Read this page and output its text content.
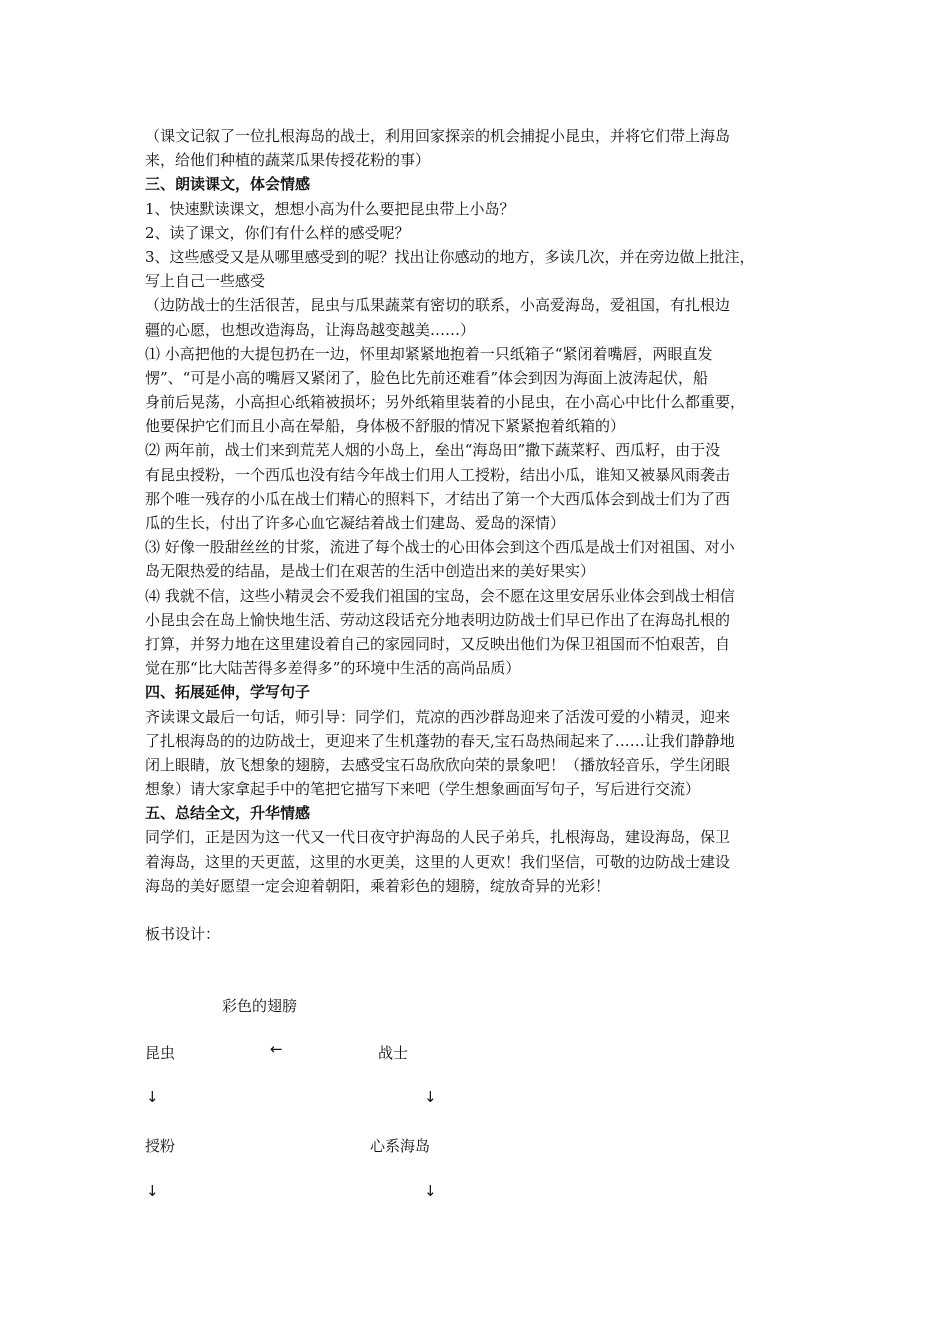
（课文记叙了一位扎根海岛的战士，利用回家探亲的机会捕捉小昆虫，并将它们带上海岛
来，给他们种植的蔬菜瓜果传授花粉的事）
三、朗读课文，体会情感
1、快速默读课文，想想小高为什么要把昆虫带上小岛？
2、读了课文，你们有什么样的感受呢？
3、这些感受又是从哪里感受到的呢？找出让你感动的地方，多读几次，并在旁边做上批注，
写上自己一些感受
（边防战士的生活很苦，昆虫与瓜果蔬菜有密切的联系，小高爱海岛，爱祖国，有扎根边
疆的心愿，也想改造海岛，让海岛越变越美……）
⑴ 小高把他的大提包扔在一边，怀里却紧紧地抱着一只纸箱子“紧闭着嘴唇，两眼直发
愣”、“可是小高的嘴唇又紧闭了，脸色比先前还难看”体会到因为海面上波涛起伏，船
身前后晃荡，小高担心纸箱被损坏；另外纸箱里装着的小昆虫，在小高心中比什么都重要，
他要保护它们而且小高在晕船，身体极不舒服的情况下紧紧抱着纸箱的）
⑵ 两年前，战士们来到荒芜人烟的小岛上，垒出“海岛田”撒下蔬菜籽、西瓜籽，由于没
有昆虫授粉，一个西瓜也没有结今年战士们用人工授粉，结出小瓜，谁知又被暴风雨袭击
那个唯一残存的小瓜在战士们精心的照料下，才结出了第一个大西瓜体会到战士们为了西
瓜的生长，付出了许多心血它凝结着战士们建岛、爱岛的深情）
⑶ 好像一股甜丝丝的甘浆，流进了每个战士的心田体会到这个西瓜是战士们对祖国、对小
岛无限热爱的结晶，是战士们在艰苦的生活中创造出来的美好果实）
⑷ 我就不信，这些小精灵会不爱我们祖国的宝岛，会不愿在这里安居乐业体会到战士相信
小昆虫会在岛上愉快地生活、劳动这段话充分地表明边防战士们早已作出了在海岛扎根的
打算，并努力地在这里建设着自己的家园同时，又反映出他们为保卫祖国而不怕艰苦，自
觉在那“比大陆苦得多差得多”的环境中生活的高尚品质）
四、拓展延伸，学写句子
齐读课文最后一句话，师引导：同学们，荒凉的西沙群岛迎来了活泼可爱的小精灵，迎来
了扎根海岛的的边防战士，更迎来了生机蓬勃的春天,宝石岛热闹起来了……让我们静静地
闭上眼睛，放飞想象的翅膀，去感受宝石岛欣欣向荣的景象吧！（播放轻音乐，学生闭眼
想象）请大家拿起手中的笔把它描写下来吧（学生想象画面写句子，写后进行交流）
五、总结全文，升华情感
同学们，正是因为这一代又一代日夜守护海岛的人民子弟兵，扎根海岛，建设海岛，保卫
着海岛，这里的天更蓝，这里的水更美，这里的人更欢！我们坚信，可敬的边防战士建设
海岛的美好愿望一定会迎着朝阳，乘着彩色的翅膀，绽放奇异的光彩！
板书设计：
彩色的翅膀
昆虫	←	战士
↓	↓
授粉	心系海岛
↓	↓
